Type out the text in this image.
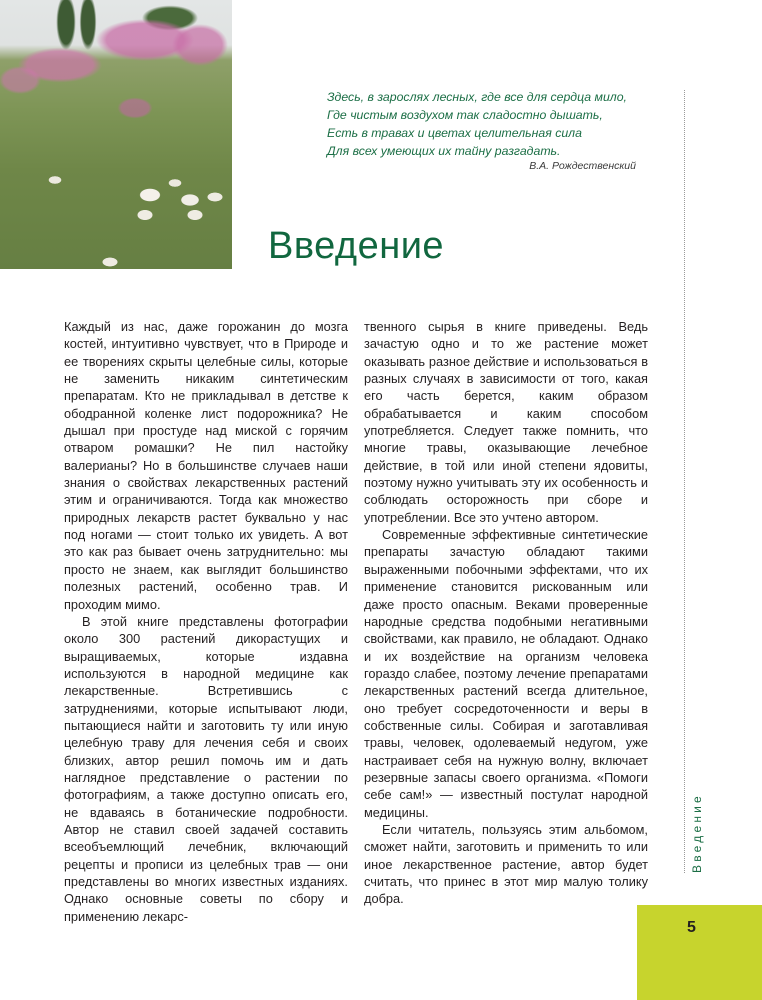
Здесь, в зарослях лесных, где все для сердца мило,
Где чистым воздухом так сладостно дышать,
Есть в травах и цветах целительная сила
Для всех умеющих их тайну разгадать.
В.А. Рождественский
Введение

Каждый из нас, даже горожанин до мозга костей, интуитивно чувствует, что в Природе и ее творениях скрыты целебные силы, которые не заменить никаким синтетическим препаратам. Кто не прикладывал в детстве к ободранной коленке лист подорожника? Не дышал при простуде над миской с горячим отваром ромашки? Не пил настойку валерианы? Но в большинстве случаев наши знания о свойствах лекарственных растений этим и ограничиваются. Тогда как множество природных лекарств растет буквально у нас под ногами — стоит только их увидеть. А вот это как раз бывает очень затруднительно: мы просто не знаем, как выглядит большинство полезных растений, особенно трав. И проходим мимо.

В этой книге представлены фотографии около 300 растений дикорастущих и выращиваемых, которые издавна используются в народной медицине как лекарственные. Встретившись с затруднениями, которые испытывают люди, пытающиеся найти и заготовить ту или иную целебную траву для лечения себя и своих близких, автор решил помочь им и дать наглядное представление о растении по фотографиям, а также доступно описать его, не вдаваясь в ботанические подробности. Автор не ставил своей задачей составить всеобъемлющий лечебник, включающий рецепты и прописи из целебных трав — они представлены во многих известных изданиях. Однако основные советы по сбору и применению лекарс-

твенного сырья в книге приведены. Ведь зачастую одно и то же растение может оказывать разное действие и использоваться в разных случаях в зависимости от того, какая его часть берется, каким образом обрабатывается и каким способом употребляется. Следует также помнить, что многие травы, оказывающие лечебное действие, в той или иной степени ядовиты, поэтому нужно учитывать эту их особенность и соблюдать осторожность при сборе и употреблении. Все это учтено автором.

Современные эффективные синтетические препараты зачастую обладают такими выраженными побочными эффектами, что их применение становится рискованным или даже просто опасным. Веками проверенные народные средства подобными негативными свойствами, как правило, не обладают. Однако и их воздействие на организм человека гораздо слабее, поэтому лечение препаратами лекарственных растений всегда длительное, оно требует сосредоточенности и веры в собственные силы. Собирая и заготавливая травы, человек, одолеваемый недугом, уже настраивает себя на нужную волну, включает резервные запасы своего организма. «Помоги себе сам!» — известный постулат народной медицины.

Если читатель, пользуясь этим альбомом, сможет найти, заготовить и применить то или иное лекарственное растение, автор будет считать, что принес в этот мир малую толику добра.

Введение
5
